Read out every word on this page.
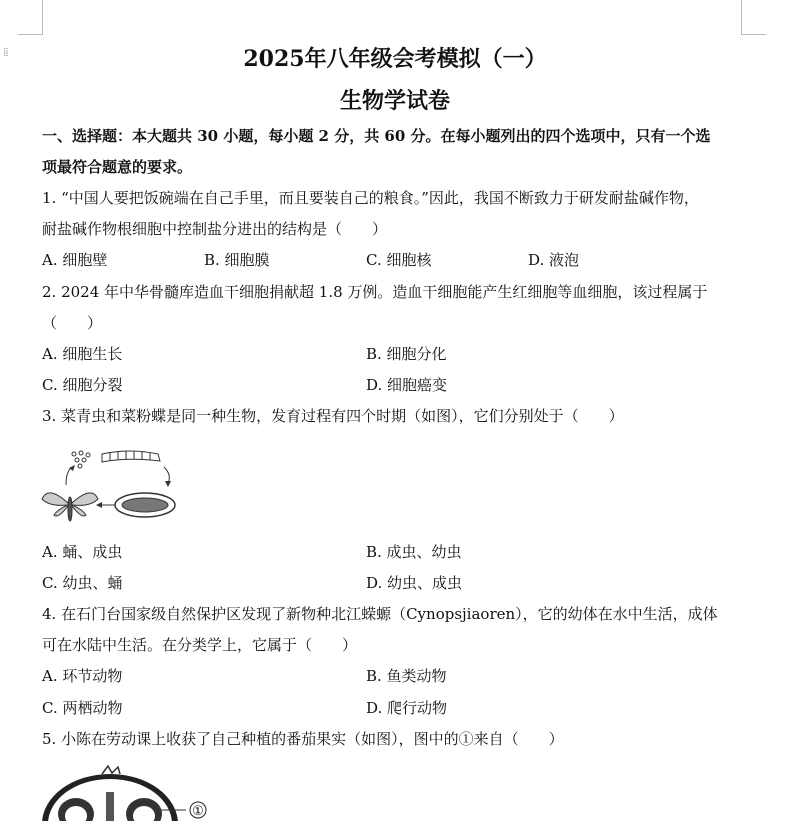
⁞⁞	2025年八年级会考模拟（一）
生物学试卷
一、选择题：本大题共 30 小题，每小题 2 分，共 60 分。在每小题列出的四个选项中，只有一个选
项最符合题意的要求。
1. “中国人要把饭碗端在自己手里，而且要装自己的粮食。”因此，我国不断致力于研发耐盐碱作物，
耐盐碱作物根细胞中控制盐分进出的结构是（　　）
A. 细胞壁	B. 细胞膜	C. 细胞核	D. 液泡
2. 2024 年中华骨髓库造血干细胞捐献超 1.8 万例。造血干细胞能产生红细胞等血细胞，该过程属于
（　　）
A. 细胞生长	B. 细胞分化
C. 细胞分裂	D. 细胞癌变
3. 菜青虫和菜粉蝶是同一种生物，发育过程有四个时期（如图），它们分别处于（　　）
A. 蛹、成虫	B. 成虫、幼虫
C. 幼虫、蛹	D. 幼虫、成虫
4. 在石门台国家级自然保护区发现了新物种北江蝾螈（Cynopsjiaoren），它的幼体在水中生活，成体
可在水陆中生活。在分类学上，它属于（　　）
A. 环节动物	B. 鱼类动物
C. 两栖动物	D. 爬行动物
5. 小陈在劳动课上收获了自己种植的番茄果实（如图），图中的①来自（　　）
①
